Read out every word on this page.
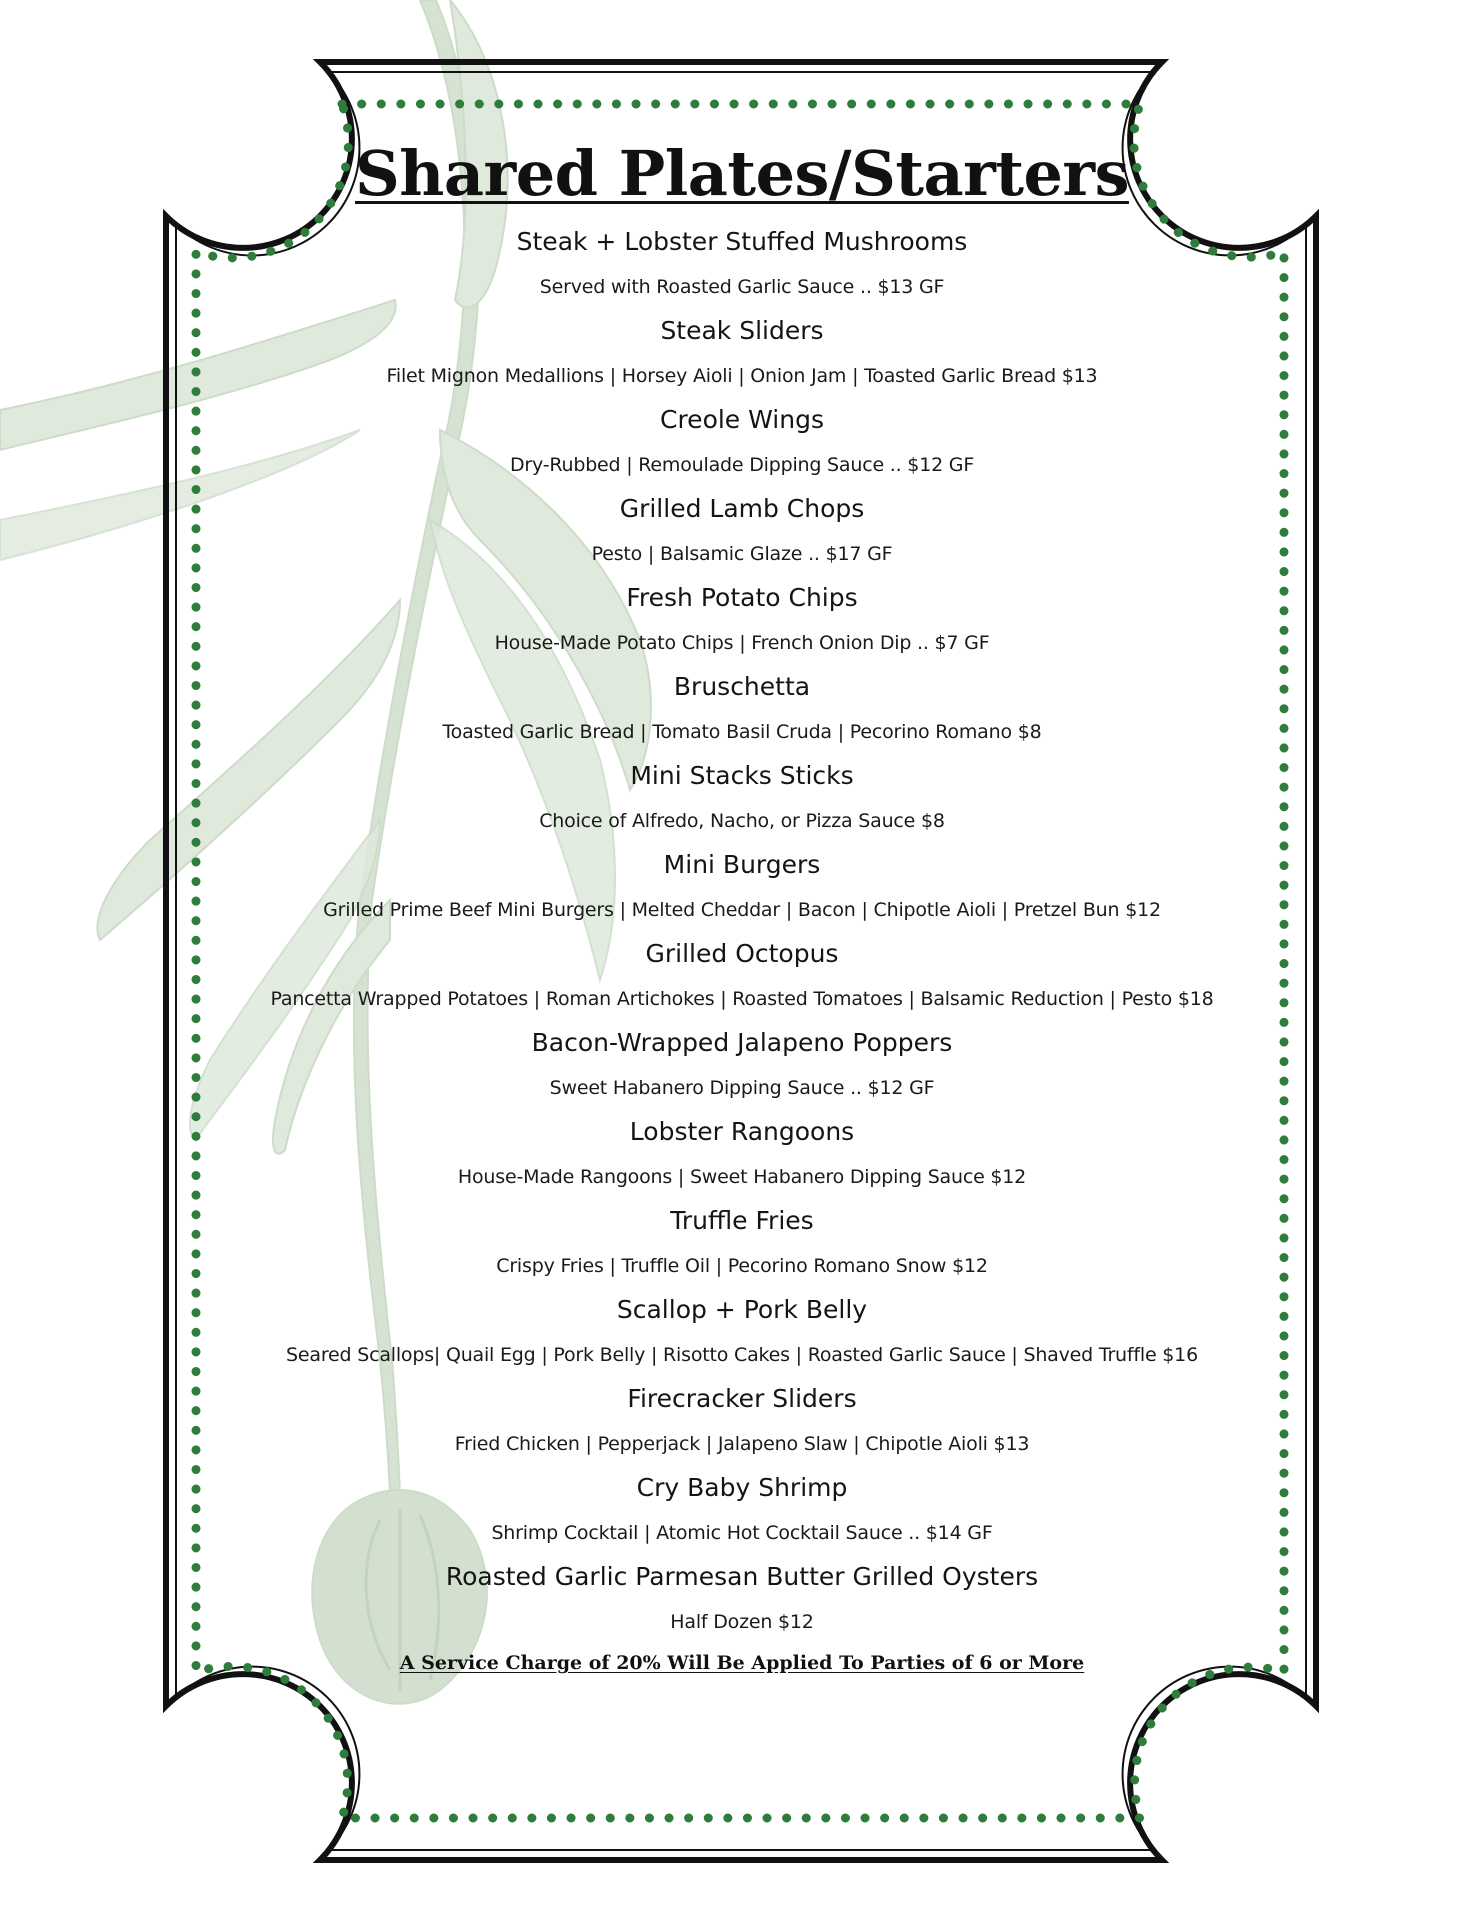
Shared Plates/Starters
Steak + Lobster Stuffed Mushrooms
Served with Roasted Garlic Sauce .. $13 GF
Steak Sliders
Filet Mignon Medallions | Horsey Aioli | Onion Jam | Toasted Garlic Bread $13
Creole Wings
Dry-Rubbed | Remoulade Dipping Sauce .. $12 GF
Grilled Lamb Chops
Pesto | Balsamic Glaze .. $17 GF
Fresh Potato Chips
House-Made Potato Chips | French Onion Dip .. $7 GF
Bruschetta
Toasted Garlic Bread | Tomato Basil Cruda | Pecorino Romano $8
Mini Stacks Sticks
Choice of Alfredo, Nacho, or Pizza Sauce $8
Mini Burgers
Grilled Prime Beef Mini Burgers | Melted Cheddar | Bacon | Chipotle Aioli | Pretzel Bun $12
Grilled Octopus
Pancetta Wrapped Potatoes | Roman Artichokes | Roasted Tomatoes | Balsamic Reduction | Pesto $18
Bacon-Wrapped Jalapeno Poppers
Sweet Habanero Dipping Sauce .. $12 GF
Lobster Rangoons
House-Made Rangoons | Sweet Habanero Dipping Sauce $12
Truffle Fries
Crispy Fries | Truffle Oil | Pecorino Romano Snow $12
Scallop + Pork Belly
Seared Scallops| Quail Egg | Pork Belly | Risotto Cakes | Roasted Garlic Sauce | Shaved Truffle $16
Firecracker Sliders
Fried Chicken | Pepperjack | Jalapeno Slaw | Chipotle Aioli $13
Cry Baby Shrimp
Shrimp Cocktail | Atomic Hot Cocktail Sauce .. $14 GF
Roasted Garlic Parmesan Butter Grilled Oysters
Half Dozen $12
A Service Charge of 20% Will Be Applied To Parties of 6 or More
